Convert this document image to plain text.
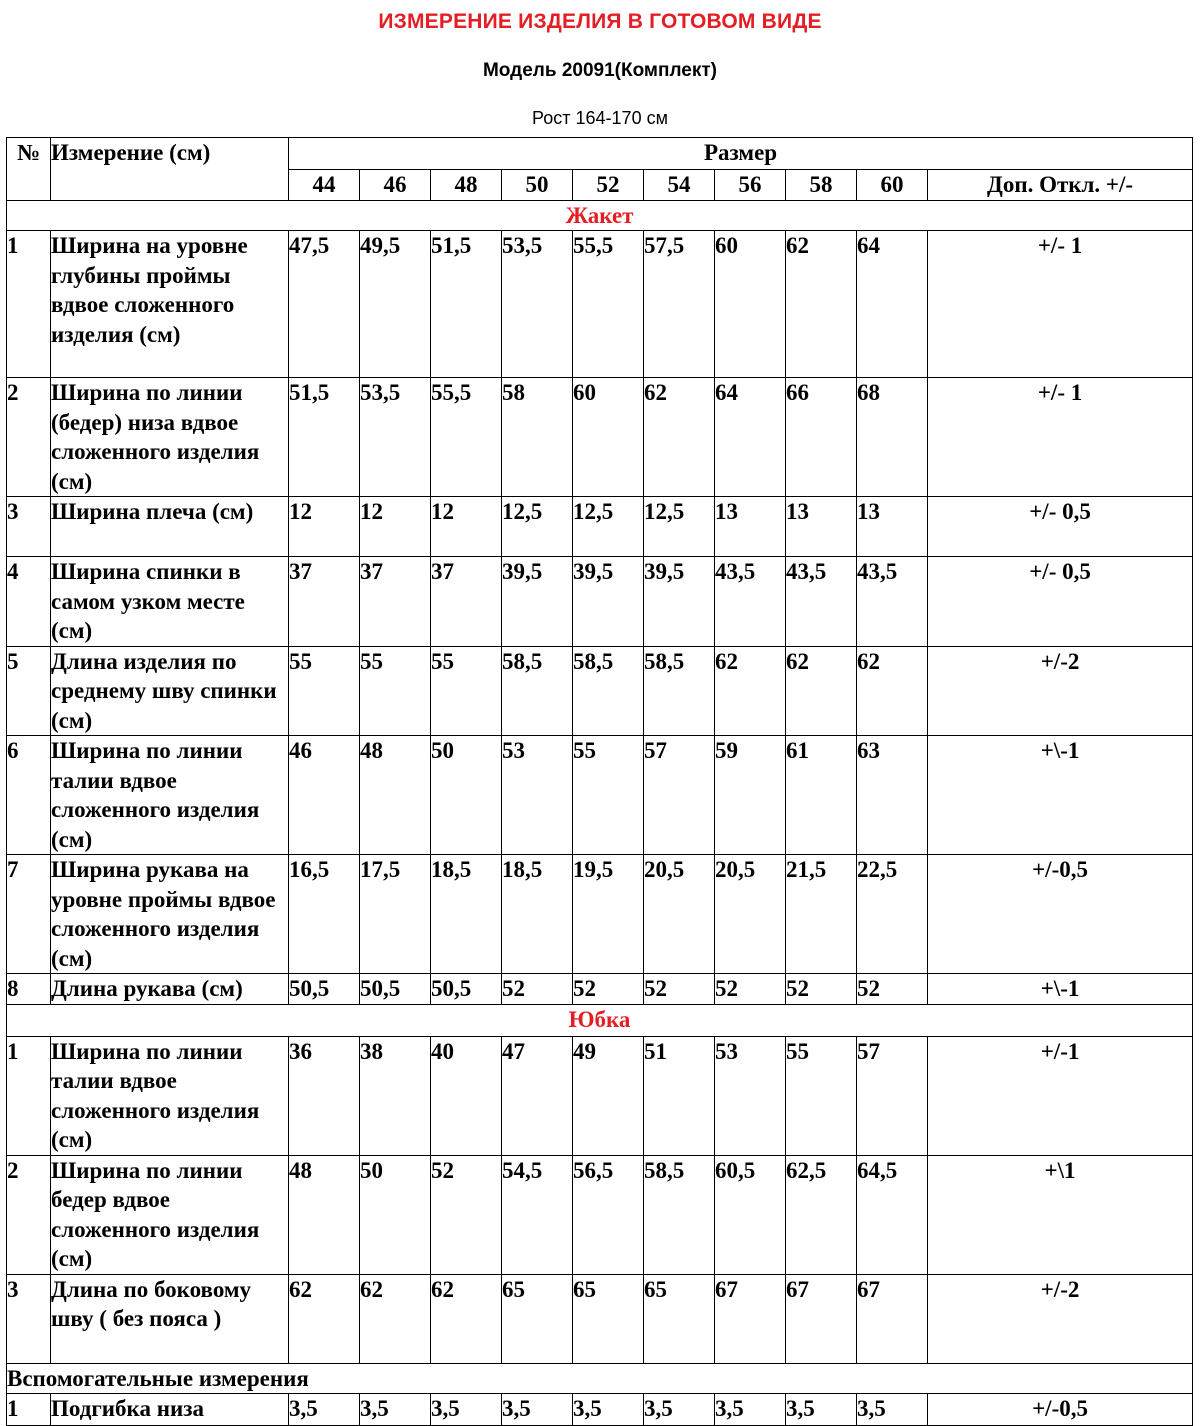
ИЗМЕРЕНИЕ ИЗДЕЛИЯ В ГОТОВОМ ВИДЕ
Модель 20091(Комплект)
Рост 164-170 см
№	Измерение (см)	Размер									
		44	46	48	50	52	54	56	58	60	Доп. Откл. +/-
Жакет											
1	Ширина на уровне глубины проймы вдвое сложенного изделия (см)	47,5	49,5	51,5	53,5	55,5	57,5	60	62	64	+/- 1
2	Ширина по линии (бедер) низа вдвое сложенного изделия (см)	51,5	53,5	55,5	58	60	62	64	66	68	+/- 1
3	Ширина плеча (см)	12	12	12	12,5	12,5	12,5	13	13	13	+/- 0,5
4	Ширина спинки в самом узком месте (см)	37	37	37	39,5	39,5	39,5	43,5	43,5	43,5	+/- 0,5
5	Длина изделия по среднему шву спинки (см)	55	55	55	58,5	58,5	58,5	62	62	62	+/-2
6	Ширина по линии талии вдвое сложенного изделия (см)	46	48	50	53	55	57	59	61	63	+\-1
7	Ширина рукава на уровне проймы вдвое сложенного изделия (см)	16,5	17,5	18,5	18,5	19,5	20,5	20,5	21,5	22,5	+/-0,5
8	Длина рукава (см)	50,5	50,5	50,5	52	52	52	52	52	52	+\-1
Юбка											
1	Ширина по линии талии вдвое сложенного изделия (см)	36	38	40	47	49	51	53	55	57	+/-1
2	Ширина по линии бедер вдвое сложенного изделия (см)	48	50	52	54,5	56,5	58,5	60,5	62,5	64,5	+\1
3	Длина по боковому шву ( без пояса )	62	62	62	65	65	65	67	67	67	+/-2
Вспомогательные измерения											
1	Подгибка низа	3,5	3,5	3,5	3,5	3,5	3,5	3,5	3,5	3,5	+/-0,5
